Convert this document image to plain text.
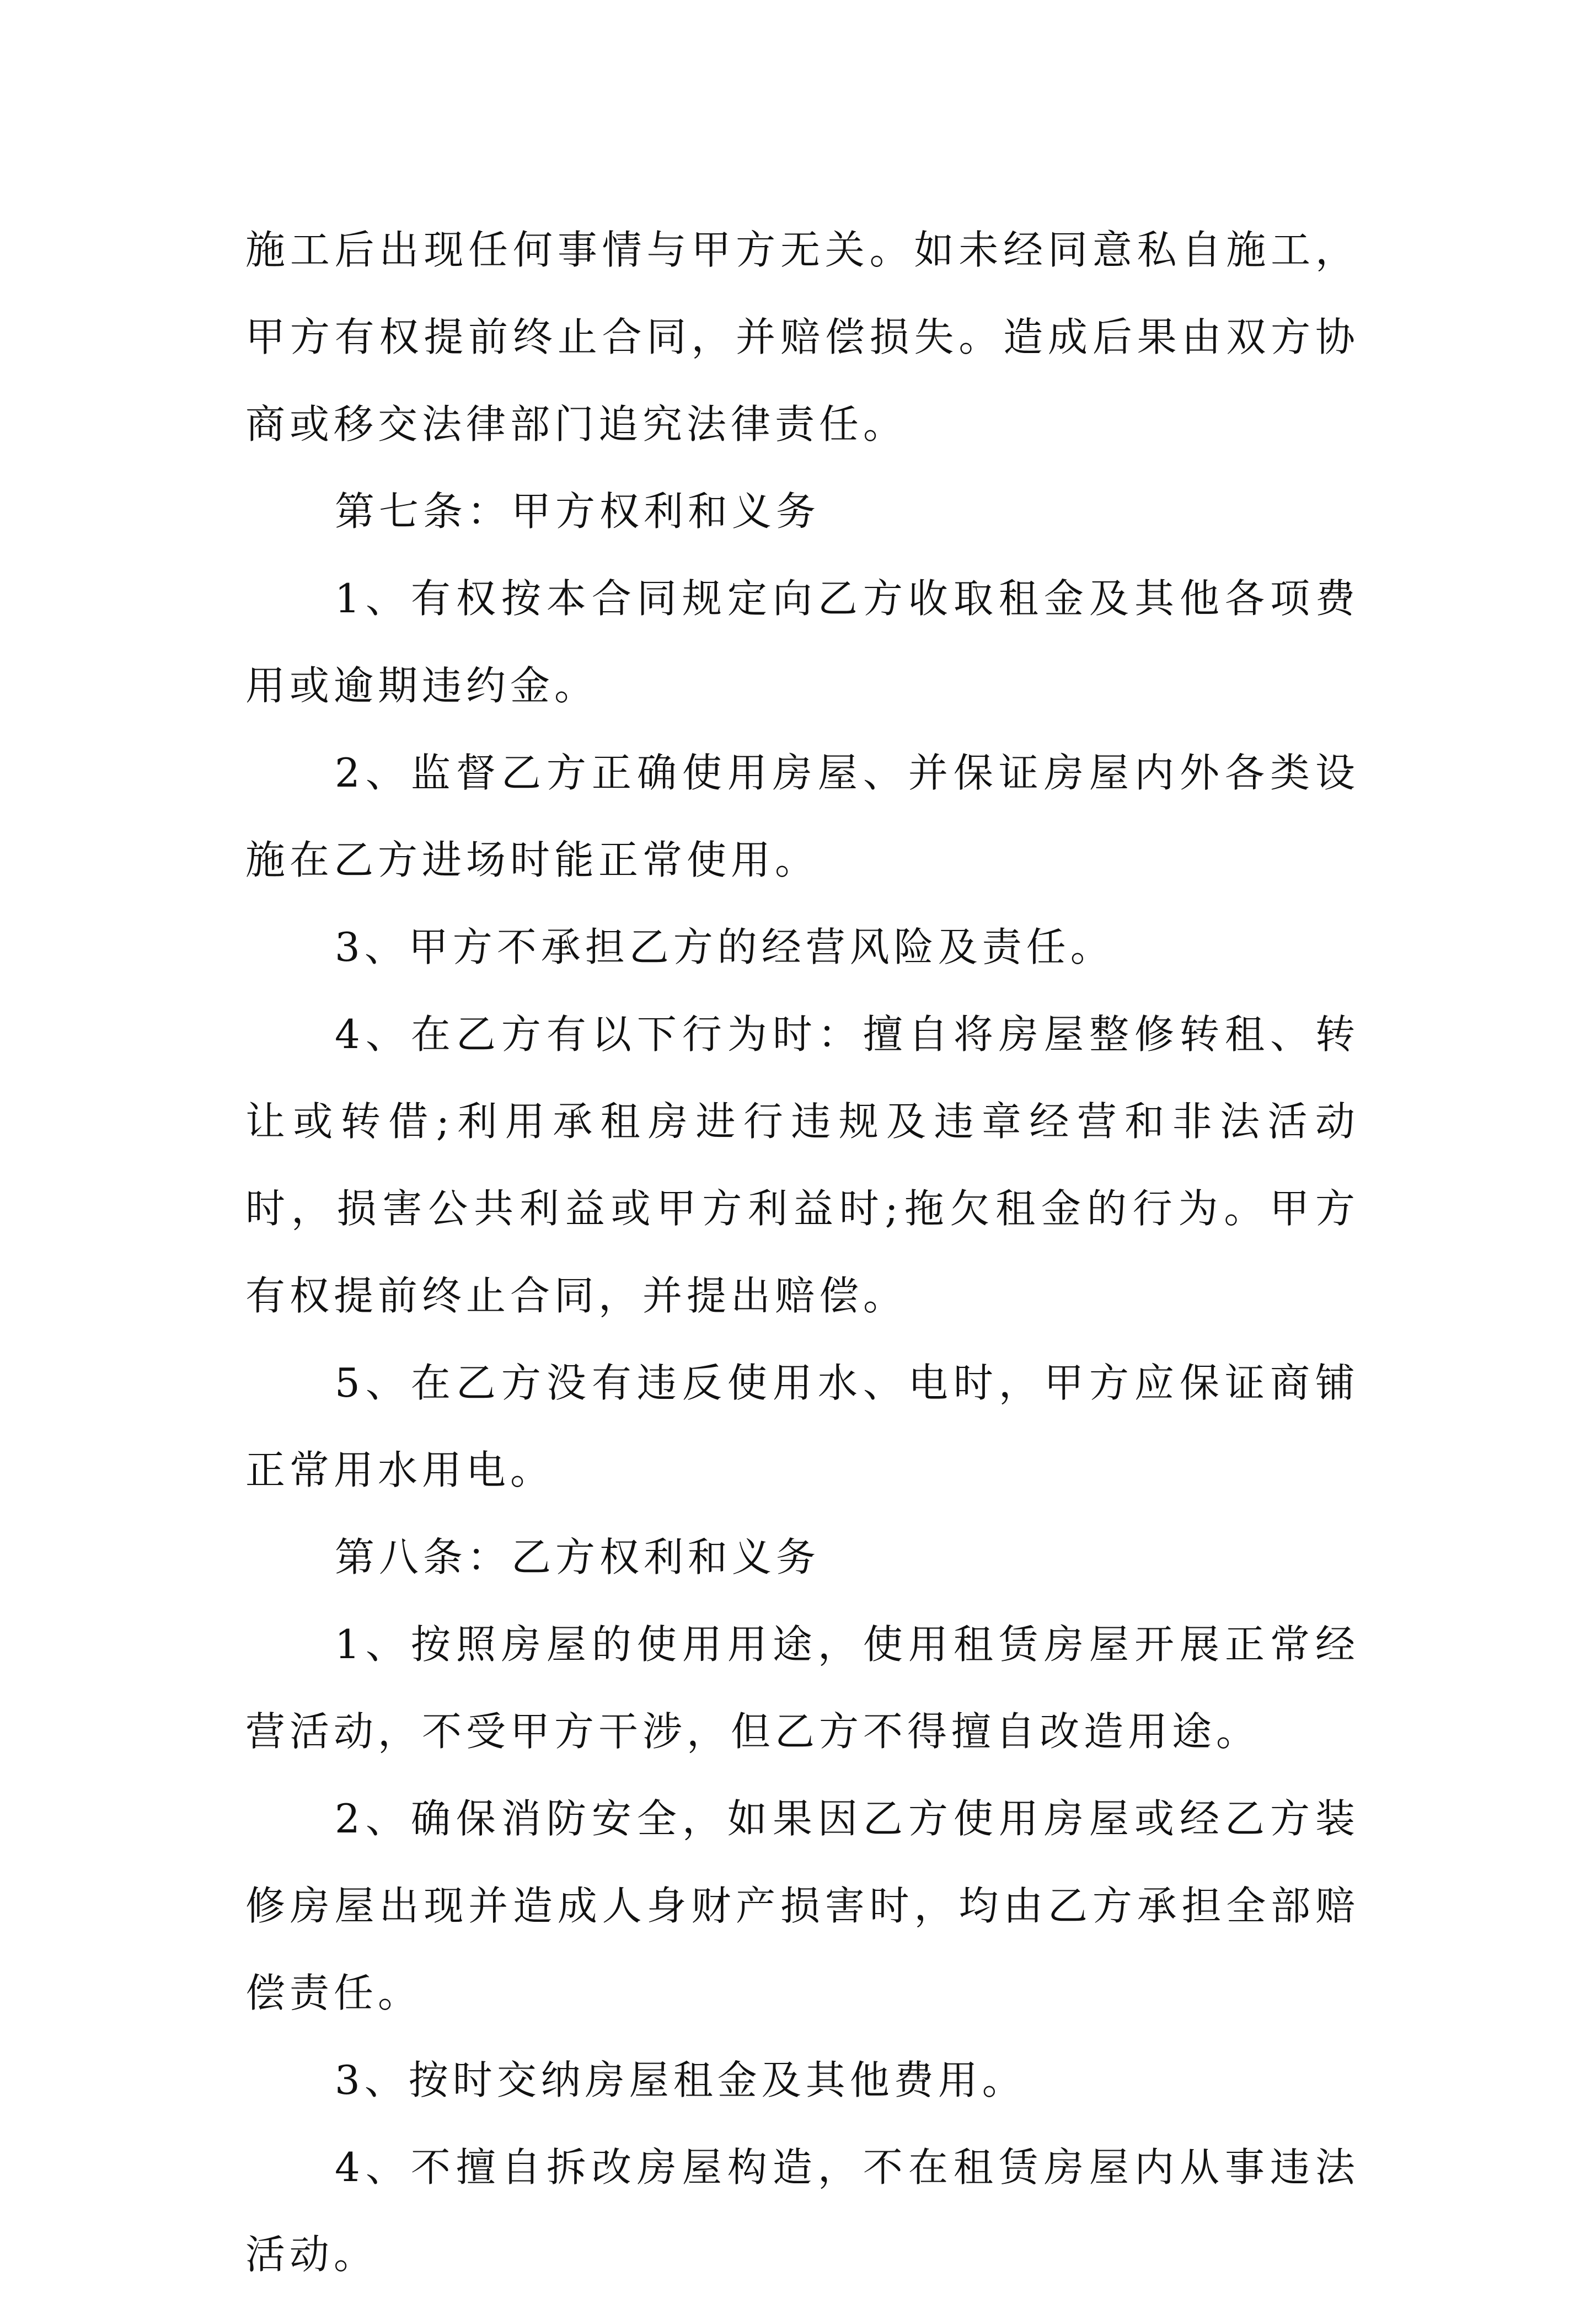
施工后出现任何事情与甲方无关。如未经同意私自施工，甲方有权提前终止合同，并赔偿损失。造成后果由双方协商或移交法律部门追究法律责任。

第七条：甲方权利和义务

1、有权按本合同规定向乙方收取租金及其他各项费用或逾期违约金。

2、监督乙方正确使用房屋、并保证房屋内外各类设施在乙方进场时能正常使用。

3、甲方不承担乙方的经营风险及责任。

4、在乙方有以下行为时：擅自将房屋整修转租、转让或转借;利用承租房进行违规及违章经营和非法活动时，损害公共利益或甲方利益时;拖欠租金的行为。甲方有权提前终止合同，并提出赔偿。

5、在乙方没有违反使用水、电时，甲方应保证商铺正常用水用电。

第八条：乙方权利和义务

1、按照房屋的使用用途，使用租赁房屋开展正常经营活动，不受甲方干涉，但乙方不得擅自改造用途。

2、确保消防安全，如果因乙方使用房屋或经乙方装修房屋出现并造成人身财产损害时，均由乙方承担全部赔偿责任。

3、按时交纳房屋租金及其他费用。

4、不擅自拆改房屋构造，不在租赁房屋内从事违法活动。
